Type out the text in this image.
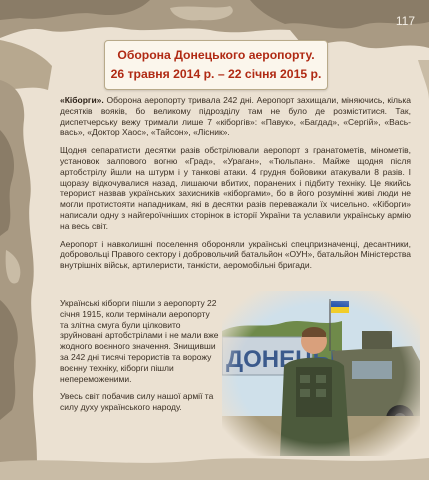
117
Оборона Донецького аеропорту.
26 травня 2014 р. – 22 січня 2015 р.

«Кіборги». Оборона аеропорту тривала 242 дні. Аеропорт захищали, міняючись, кілька десятків вояків, бо великому підрозділу там не було де розміститися. Так, диспетчерську вежу тримали лише 7 «кіборгів»: «Павук», «Багдад», «Сергій», «Вась-вась», «Доктор Хаос», «Тайсон», «Лісник».

Щодня сепаратисти десятки разів обстрілювали аеропорт з гранатометів, мінометів, установок залпового вогню «Град», «Ураган», «Тюльпан». Майже щодня після артобстрілу йшли на штурм і у танкові атаки. 4 грудня бойовики атакували 8 разів. І щоразу відкочувалися назад, лишаючи вбитих, поранених і підбиту техніку. Це якийсь терорист назвав українських захисників «кіборгами», бо в його розумінні живі люди не могли протистояти нападникам, які в десятки разів переважали їх чисельно. «Кіборги» написали одну з найгероїчніших сторінок в історії України та уславили українську армію на весь світ.

Аеропорт і навколишні поселення обороняли українські спецпризначенці, десантники, добровольці Правого сектору і добровольчий батальйон «ОУН», батальйон Міністерства внутрішніх військ, артилеристи, танкісти, аеромобільні бригади.

Українські кіборги пішли з аеропорту 22 січня 1915, коли термінали аеропорту та злітна смуга були цілковито зруйновані артобстрілами і не мали вже жодного воєнного значення. Знищивши за 242 дні тисячі терористів та ворожу воєнну техніку, кіборги пішли непереможеними.

Увесь світ побачив силу нашої армії та силу духу українського народу.
